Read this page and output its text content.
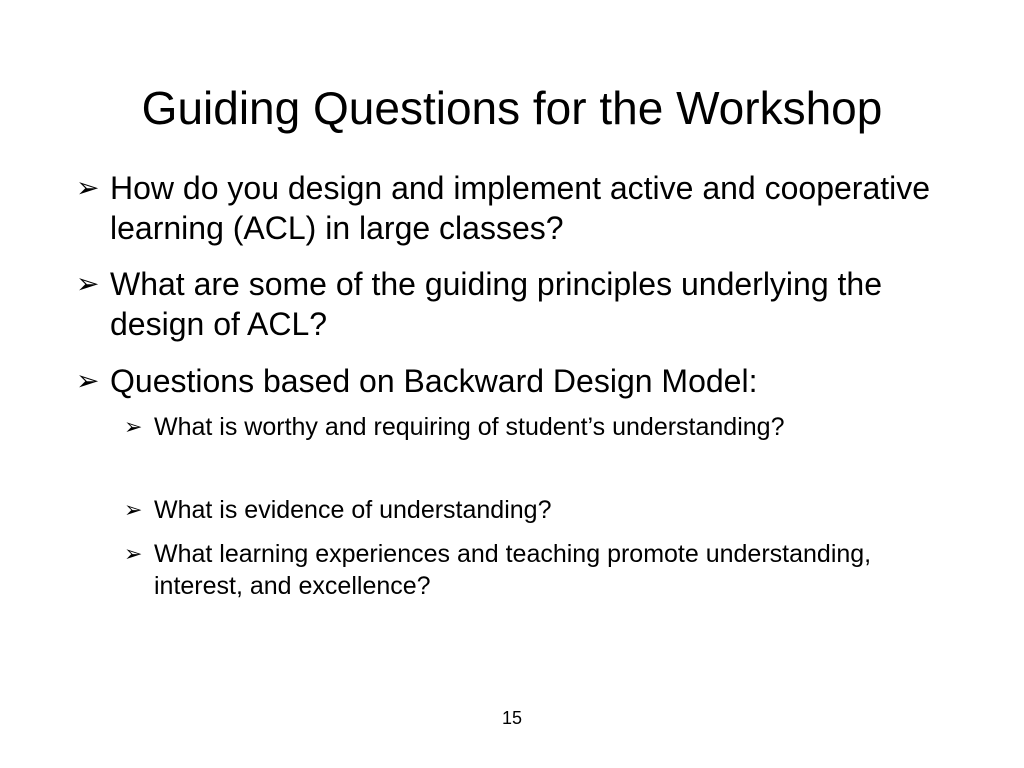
Guiding Questions for the Workshop
➢ How do you design and implement active and cooperative learning (ACL) in large classes?
➢ What are some of the guiding principles underlying the design of ACL?
➢ Questions based on Backward Design Model:
➢ What is worthy and requiring of student’s understanding?
➢ What is evidence of understanding?
➢ What learning experiences and teaching promote understanding, interest, and excellence?
15
